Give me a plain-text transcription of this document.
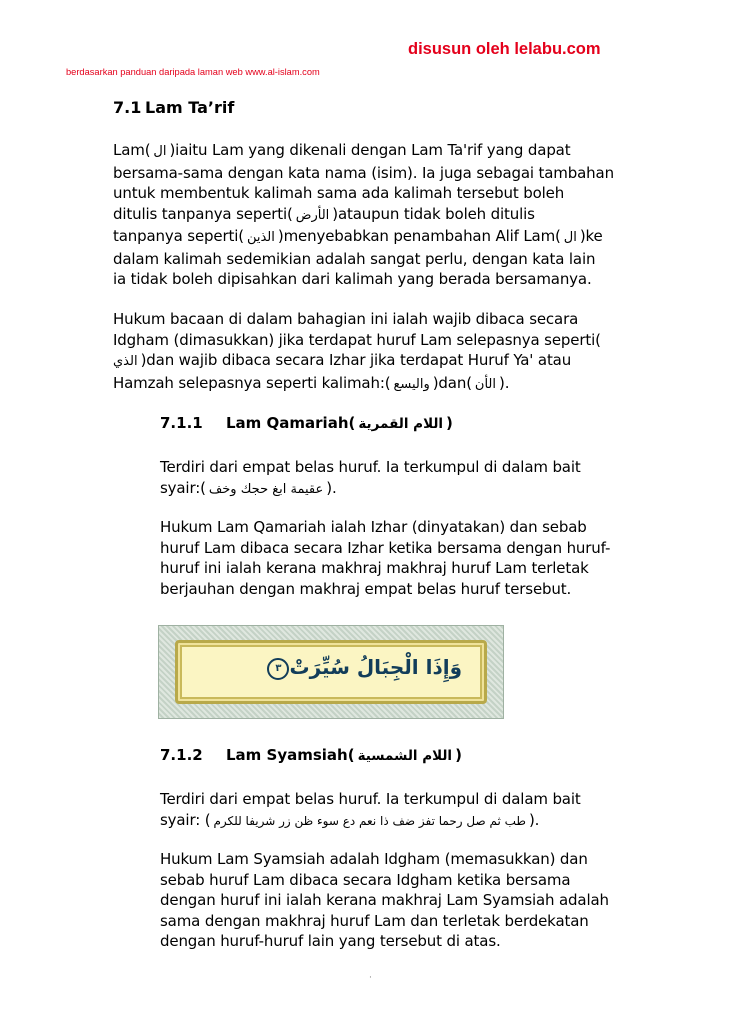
disusun oleh lelabu.com
berdasarkan panduan daripada laman web www.al-islam.com
7.1 Lam Ta’rif
Lam( ال )iaitu Lam yang dikenali dengan Lam Ta'rif yang dapat
bersama-sama dengan kata nama (isim). Ia juga sebagai tambahan
untuk membentuk kalimah sama ada kalimah tersebut boleh
ditulis tanpanya seperti( الأرض )ataupun tidak boleh ditulis
tanpanya seperti( الذين )menyebabkan penambahan Alif Lam( ال )ke
dalam kalimah sedemikian adalah sangat perlu, dengan kata lain
ia tidak boleh dipisahkan dari kalimah yang berada bersamanya.
Hukum bacaan di dalam bahagian ini ialah wajib dibaca secara
Idgham (dimasukkan) jika terdapat huruf Lam selepasnya seperti(
الذي )dan wajib dibaca secara Izhar jika terdapat Huruf Ya' atau
Hamzah selepasnya seperti kalimah:( واليسع )dan( الأن ).
7.1.1 Lam Qamariah( اللام القمرية )
Terdiri dari empat belas huruf. Ia terkumpul di dalam bait
syair:( عقيمة ابغ حجك وخف ).
Hukum Lam Qamariah ialah Izhar (dinyatakan) dan sebab
huruf Lam dibaca secara Izhar ketika bersama dengan huruf-
huruf ini ialah kerana makhraj makhraj huruf Lam terletak
berjauhan dengan makhraj empat belas huruf tersebut.
وَإِذَا الْجِبَالُ سُيِّرَتْ٣
7.1.2 Lam Syamsiah( اللام الشمسية )
Terdiri dari empat belas huruf. Ia terkumpul di dalam bait
syair: ( طب ثم صل رحما تفز ضف ذا نعم دع سوء ظن زر شريفا للكرم ).
Hukum Lam Syamsiah adalah Idgham (memasukkan) dan
sebab huruf Lam dibaca secara Idgham ketika bersama
dengan huruf ini ialah kerana makhraj Lam Syamsiah adalah
sama dengan makhraj huruf Lam dan terletak berdekatan
dengan huruf-huruf lain yang tersebut di atas.
·
